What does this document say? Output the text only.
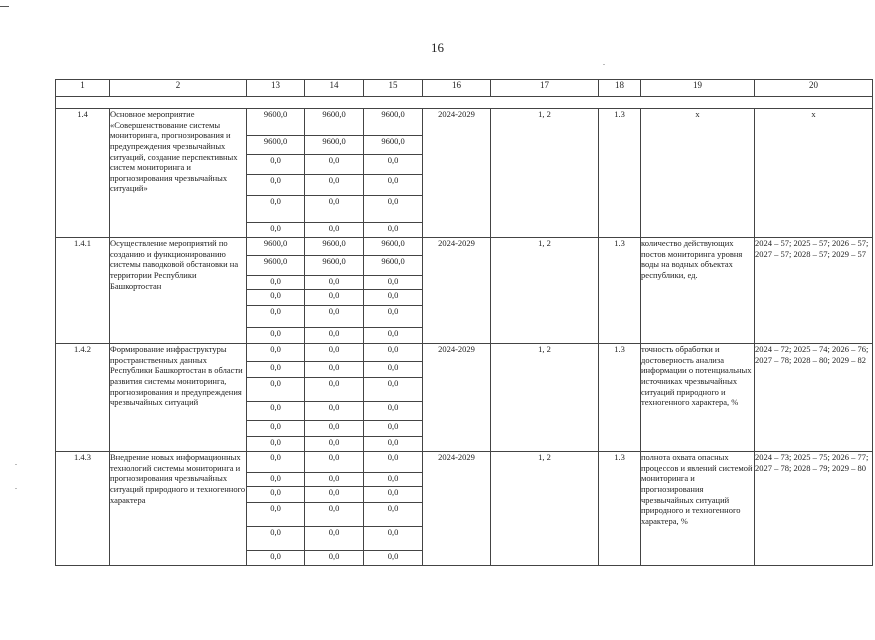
16
1	2	13	14	15	16	17	18	19	20

1.4	Основное мероприятие «Совершенствование системы мониторинга, прогнозирования и предупреждения чрезвычайных ситуаций, создание перспективных систем мониторинга и прогнозирования чрезвычайных ситуаций»	9600,0	9600,0	9600,0	2024-2029	1, 2	1.3	x	x
		9600,0	9600,0	9600,0					
		0,0	0,0	0,0					
		0,0	0,0	0,0					
		0,0	0,0	0,0					
		0,0	0,0	0,0					
1.4.1	Осуществление мероприятий по созданию и функционированию системы паводковой обстановки на территории Республики Башкортостан	9600,0	9600,0	9600,0	2024-2029	1, 2	1.3	количество действующих постов мониторинга уровня воды на водных объектах республики, ед.	2024 – 57; 2025 – 57; 2026 – 57; 2027 – 57; 2028 – 57; 2029 – 57
		9600,0	9600,0	9600,0					
		0,0	0,0	0,0					
		0,0	0,0	0,0					
		0,0	0,0	0,0					
		0,0	0,0	0,0					
1.4.2	Формирование инфраструктуры пространственных данных Республики Башкортостан в области развития системы мониторинга, прогнозирования и предупреждения чрезвычайных ситуаций	0,0	0,0	0,0	2024-2029	1, 2	1.3	точность обработки и достоверность анализа информации о потенциальных источниках чрезвычайных ситуаций природного и техногенного характера, %	2024 – 72; 2025 – 74; 2026 – 76; 2027 – 78; 2028 – 80; 2029 – 82
		0,0	0,0	0,0					
		0,0	0,0	0,0					
		0,0	0,0	0,0					
		0,0	0,0	0,0					
		0,0	0,0	0,0					
1.4.3	Внедрение новых информационных технологий системы мониторинга и прогнозирования чрезвычайных ситуаций природного и техногенного характера	0,0	0,0	0,0	2024-2029	1, 2	1.3	полнота охвата опасных процессов и явлений системой мониторинга и прогнозирования чрезвычайных ситуаций природного и техногенного характера, %	2024 – 73; 2025 – 75; 2026 – 77; 2027 – 78; 2028 – 79; 2029 – 80
		0,0	0,0	0,0					
		0,0	0,0	0,0					
		0,0	0,0	0,0					
		0,0	0,0	0,0					
		0,0	0,0	0,0					
